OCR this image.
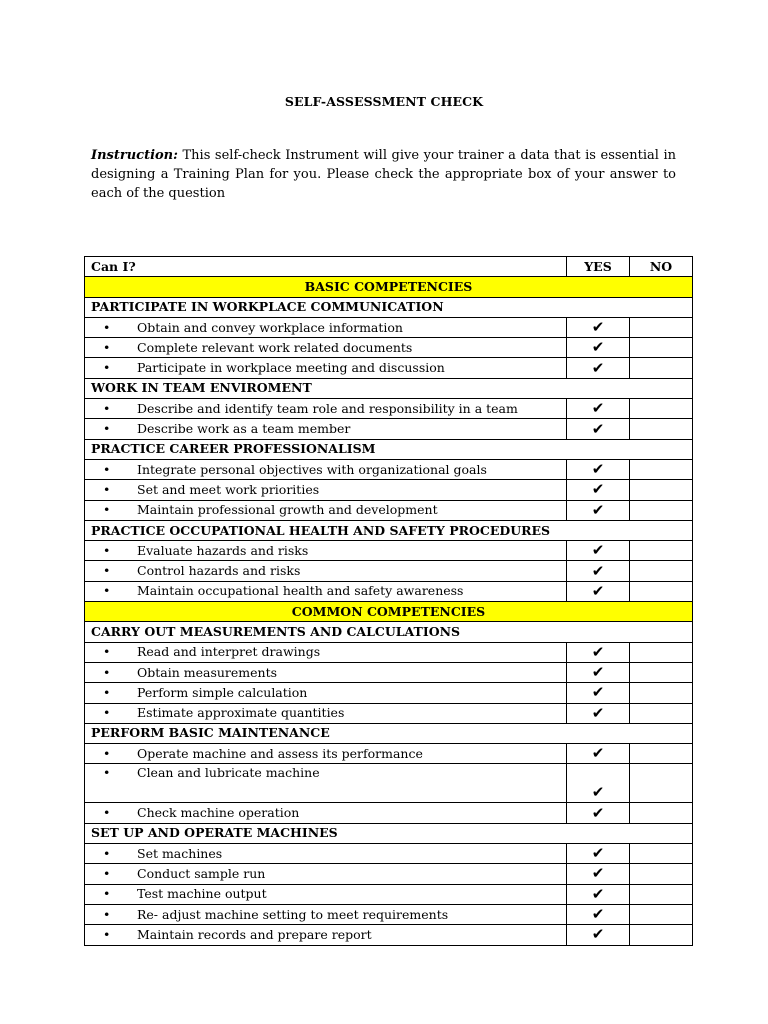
SELF-ASSESSMENT CHECK
Instruction: This self-check Instrument will give your trainer a data that is essential in designing a Training Plan for you. Please check the appropriate box of your answer to each of the question
Can I?	YES	NO
BASIC COMPETENCIES		
PARTICIPATE IN WORKPLACE COMMUNICATION		
• Obtain and convey workplace information	✔	
• Complete relevant work related documents	✔	
• Participate in workplace meeting and discussion	✔	
WORK IN TEAM ENVIROMENT		
• Describe and identify team role and responsibility in a team	✔	
• Describe work as a team member	✔	
PRACTICE CAREER PROFESSIONALISM		
• Integrate personal objectives with organizational goals	✔	
• Set and meet work priorities	✔	
• Maintain professional growth and development	✔	
PRACTICE OCCUPATIONAL HEALTH AND SAFETY PROCEDURES		
• Evaluate hazards and risks	✔	
• Control hazards and risks	✔	
• Maintain occupational health and safety awareness	✔	
COMMON COMPETENCIES		
CARRY OUT MEASUREMENTS AND CALCULATIONS		
• Read and interpret drawings	✔	
• Obtain measurements	✔	
• Perform simple calculation	✔	
• Estimate approximate quantities	✔	
PERFORM BASIC MAINTENANCE		
• Operate machine and assess its performance	✔	
• Clean and lubricate machine	✔	
• Check machine operation	✔	
SET UP AND OPERATE MACHINES		
• Set machines	✔	
• Conduct sample run	✔	
• Test machine output	✔	
• Re- adjust machine setting to meet requirements	✔	
• Maintain records and prepare report	✔	
